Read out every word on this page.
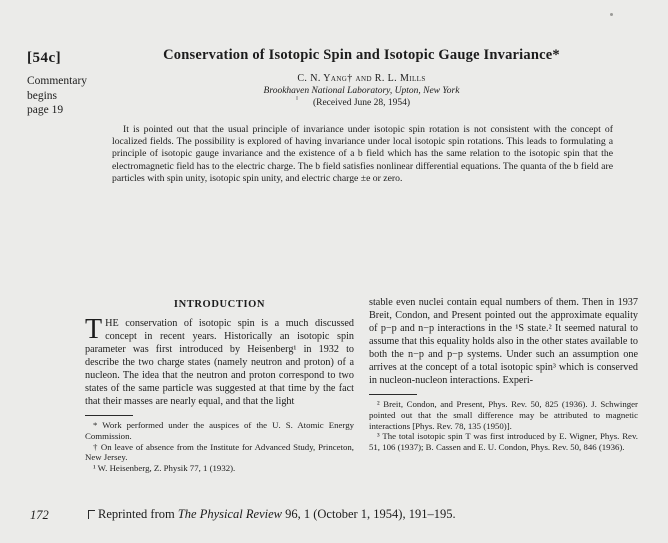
[54c]
Commentary
begins
page 19
Conservation of Isotopic Spin and Isotopic Gauge Invariance*
C. N. Yang† and R. L. Mills
Brookhaven National Laboratory, Upton, New York
(Received June 28, 1954)
It is pointed out that the usual principle of invariance under isotopic spin rotation is not consistent with the concept of localized fields. The possibility is explored of having invariance under local isotopic spin rotations. This leads to formulating a principle of isotopic gauge invariance and the existence of a b field which has the same relation to the isotopic spin that the electromagnetic field has to the electric charge. The b field satisfies nonlinear differential equations. The quanta of the b field are particles with spin unity, isotopic spin unity, and electric charge ±e or zero.
INTRODUCTION

THE conservation of isotopic spin is a much discussed concept in recent years. Historically an isotopic spin parameter was first introduced by Heisenberg¹ in 1932 to describe the two charge states (namely neutron and proton) of a nucleon. The idea that the neutron and proton correspond to two states of the same particle was suggested at that time by the fact that their masses are nearly equal, and that the light

* Work performed under the auspices of the U. S. Atomic Energy Commission.

† On leave of absence from the Institute for Advanced Study, Princeton, New Jersey.

¹ W. Heisenberg, Z. Physik 77, 1 (1932).

stable even nuclei contain equal numbers of them. Then in 1937 Breit, Condon, and Present pointed out the approximate equality of p−p and n−p interactions in the ¹S state.² It seemed natural to assume that this equality holds also in the other states available to both the n−p and p−p systems. Under such an assumption one arrives at the concept of a total isotopic spin³ which is conserved in nucleon-nucleon interactions. Experi-

² Breit, Condon, and Present, Phys. Rev. 50, 825 (1936). J. Schwinger pointed out that the small difference may be attributed to magnetic interactions [Phys. Rev. 78, 135 (1950)].

³ The total isotopic spin T was first introduced by E. Wigner, Phys. Rev. 51, 106 (1937); B. Cassen and E. U. Condon, Phys. Rev. 50, 846 (1936).

172	Reprinted from The Physical Review 96, 1 (October 1, 1954), 191–195.
